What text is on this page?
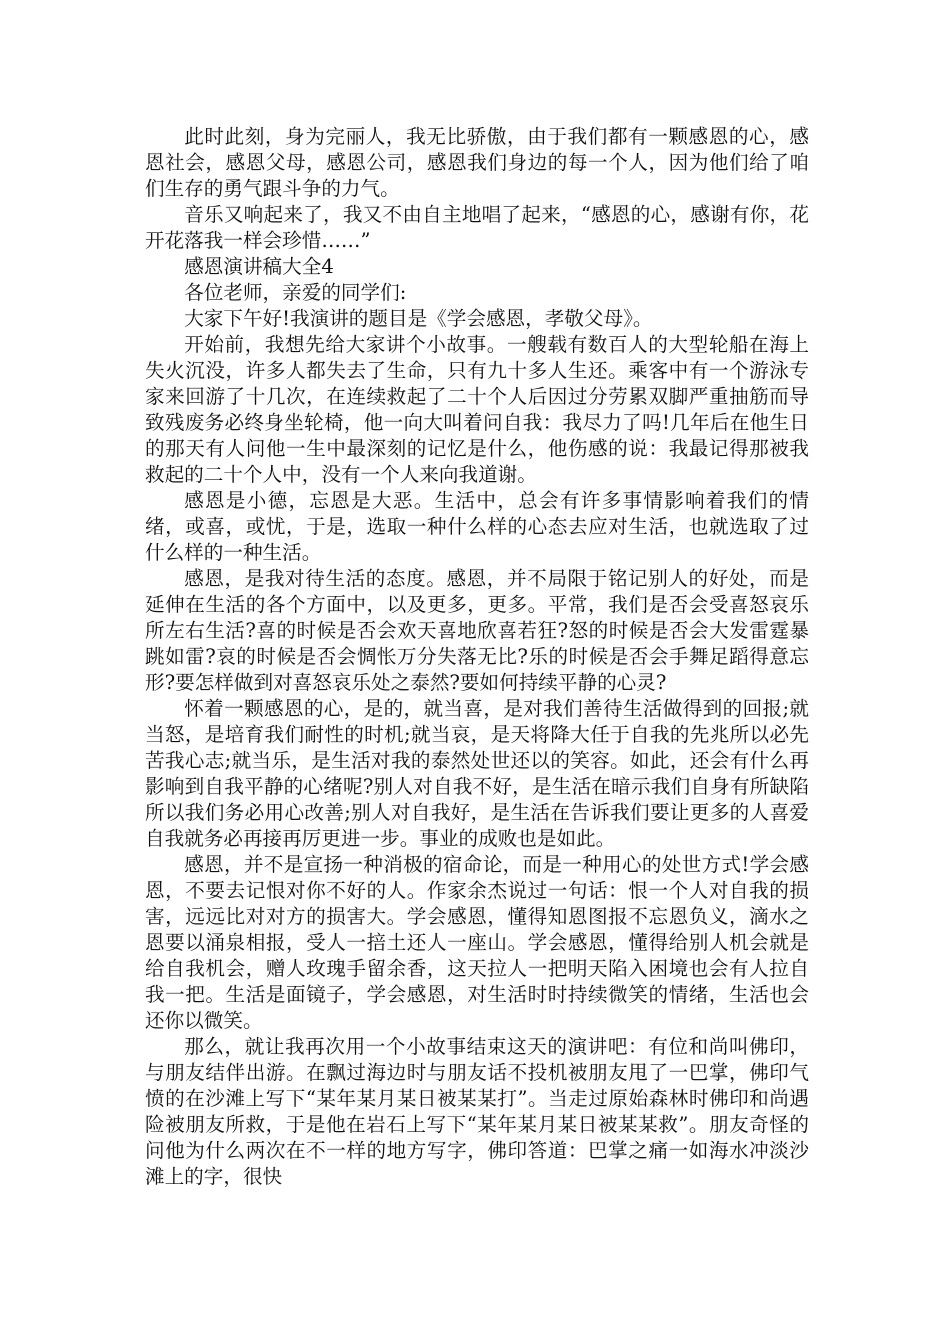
此时此刻，身为完丽人，我无比骄傲，由于我们都有一颗感恩的心，感恩社会，感恩父母，感恩公司，感恩我们身边的每一个人，因为他们给了咱们生存的勇气跟斗争的力气。

音乐又响起来了，我又不由自主地唱了起来，“感恩的心，感谢有你，花开花落我一样会珍惜……”

感恩演讲稿大全4

各位老师，亲爱的同学们:

大家下午好!我演讲的题目是《学会感恩，孝敬父母》。

开始前，我想先给大家讲个小故事。一艘载有数百人的大型轮船在海上失火沉没，许多人都失去了生命，只有九十多人生还。乘客中有一个游泳专家来回游了十几次，在连续救起了二十个人后因过分劳累双脚严重抽筋而导致残废务必终身坐轮椅，他一向大叫着问自我：我尽力了吗!几年后在他生日的那天有人问他一生中最深刻的记忆是什么，他伤感的说：我最记得那被我救起的二十个人中，没有一个人来向我道谢。

感恩是小德，忘恩是大恶。生活中，总会有许多事情影响着我们的情绪，或喜，或忧，于是，选取一种什么样的心态去应对生活，也就选取了过什么样的一种生活。

感恩，是我对待生活的态度。感恩，并不局限于铭记别人的好处，而是延伸在生活的各个方面中，以及更多，更多。平常，我们是否会受喜怒哀乐所左右生活?喜的时候是否会欢天喜地欣喜若狂?怒的时候是否会大发雷霆暴跳如雷?哀的时候是否会惆怅万分失落无比?乐的时候是否会手舞足蹈得意忘形?要怎样做到对喜怒哀乐处之泰然?要如何持续平静的心灵?

怀着一颗感恩的心，是的，就当喜，是对我们善待生活做得到的回报;就当怒，是培育我们耐性的时机;就当哀，是天将降大任于自我的先兆所以必先苦我心志;就当乐，是生活对我的泰然处世还以的笑容。如此，还会有什么再影响到自我平静的心绪呢?别人对自我不好，是生活在暗示我们自身有所缺陷所以我们务必用心改善;别人对自我好，是生活在告诉我们要让更多的人喜爱自我就务必再接再厉更进一步。事业的成败也是如此。

感恩，并不是宣扬一种消极的宿命论，而是一种用心的处世方式!学会感恩，不要去记恨对你不好的人。作家余杰说过一句话：恨一个人对自我的损害，远远比对对方的损害大。学会感恩，懂得知恩图报不忘恩负义，滴水之恩要以涌泉相报，受人一掊土还人一座山。学会感恩，懂得给别人机会就是给自我机会，赠人玫瑰手留余香，这天拉人一把明天陷入困境也会有人拉自我一把。生活是面镜子，学会感恩，对生活时时持续微笑的情绪，生活也会还你以微笑。

那么，就让我再次用一个小故事结束这天的演讲吧：有位和尚叫佛印，与朋友结伴出游。在飘过海边时与朋友话不投机被朋友甩了一巴掌，佛印气愤的在沙滩上写下“某年某月某日被某某打”。当走过原始森林时佛印和尚遇险被朋友所救，于是他在岩石上写下“某年某月某日被某某救”。朋友奇怪的问他为什么两次在不一样的地方写字，佛印答道：巴掌之痛一如海水冲淡沙滩上的字，很快
